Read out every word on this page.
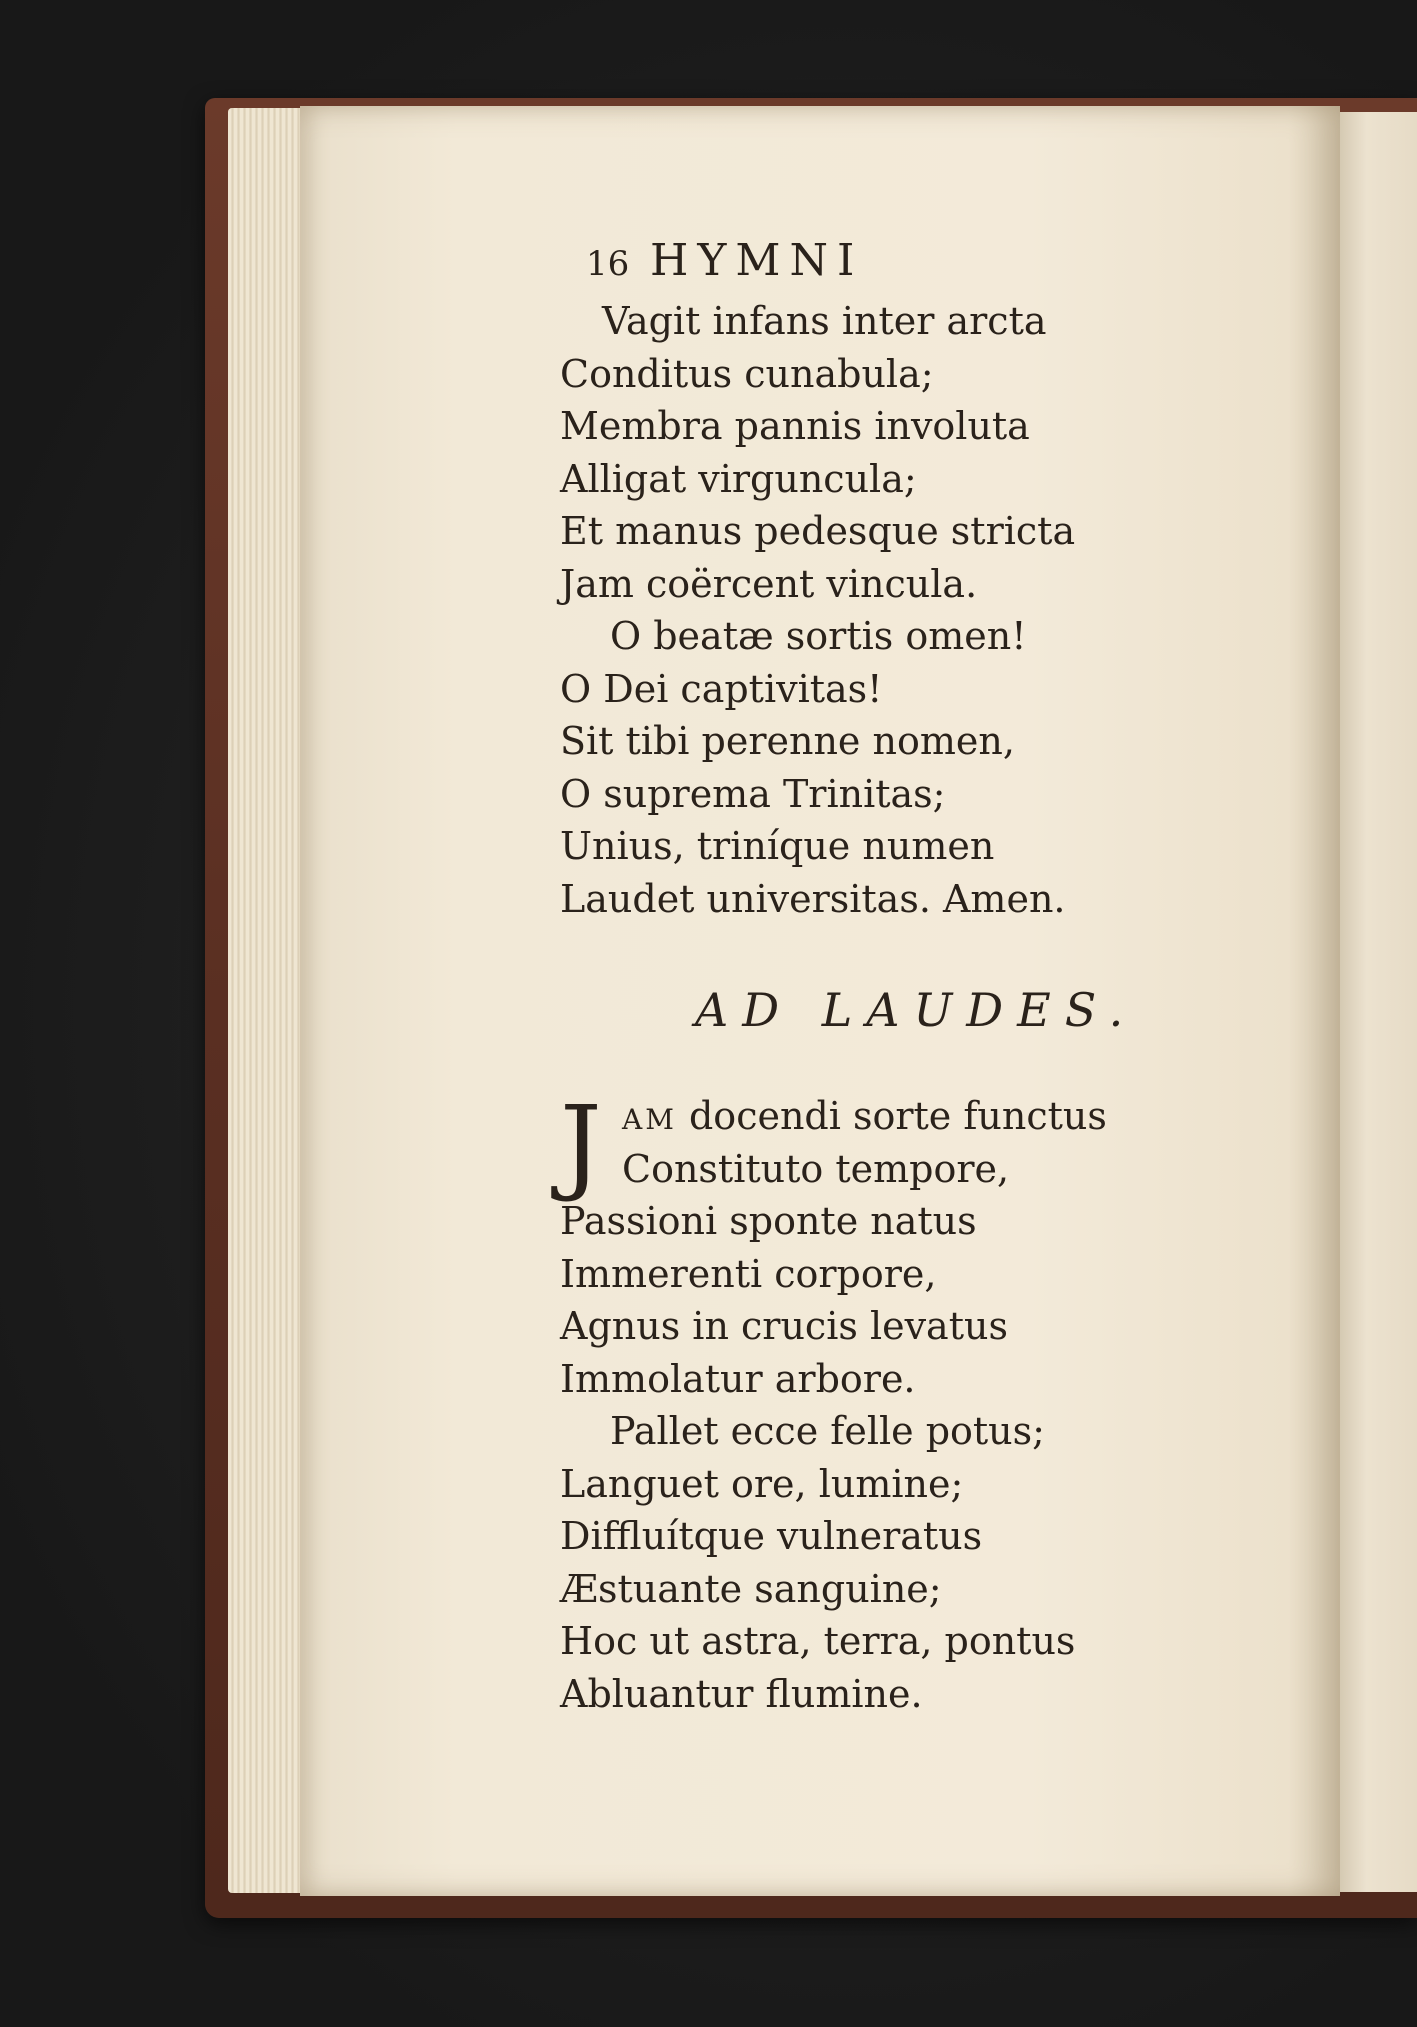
16 HYMNI
Vagit infans inter arcta
Conditus cunabula;
Membra pannis involuta
Alligat virguncula;
Et manus pedesque stricta
Jam coërcent vincula.
O beatæ sortis omen!
O Dei captivitas!
Sit tibi perenne nomen,
O suprema Trinitas;
Unius, triníque numen
Laudet universitas. Amen.
AD LAUDES.
J AM docendi sorte functus
Constituto tempore,
Passioni sponte natus
Immerenti corpore,
Agnus in crucis levatus
Immolatur arbore.
Pallet ecce felle potus;
Languet ore, lumine;
Diffluítque vulneratus
Æstuante sanguine;
Hoc ut astra, terra, pontus
Abluantur flumine.
